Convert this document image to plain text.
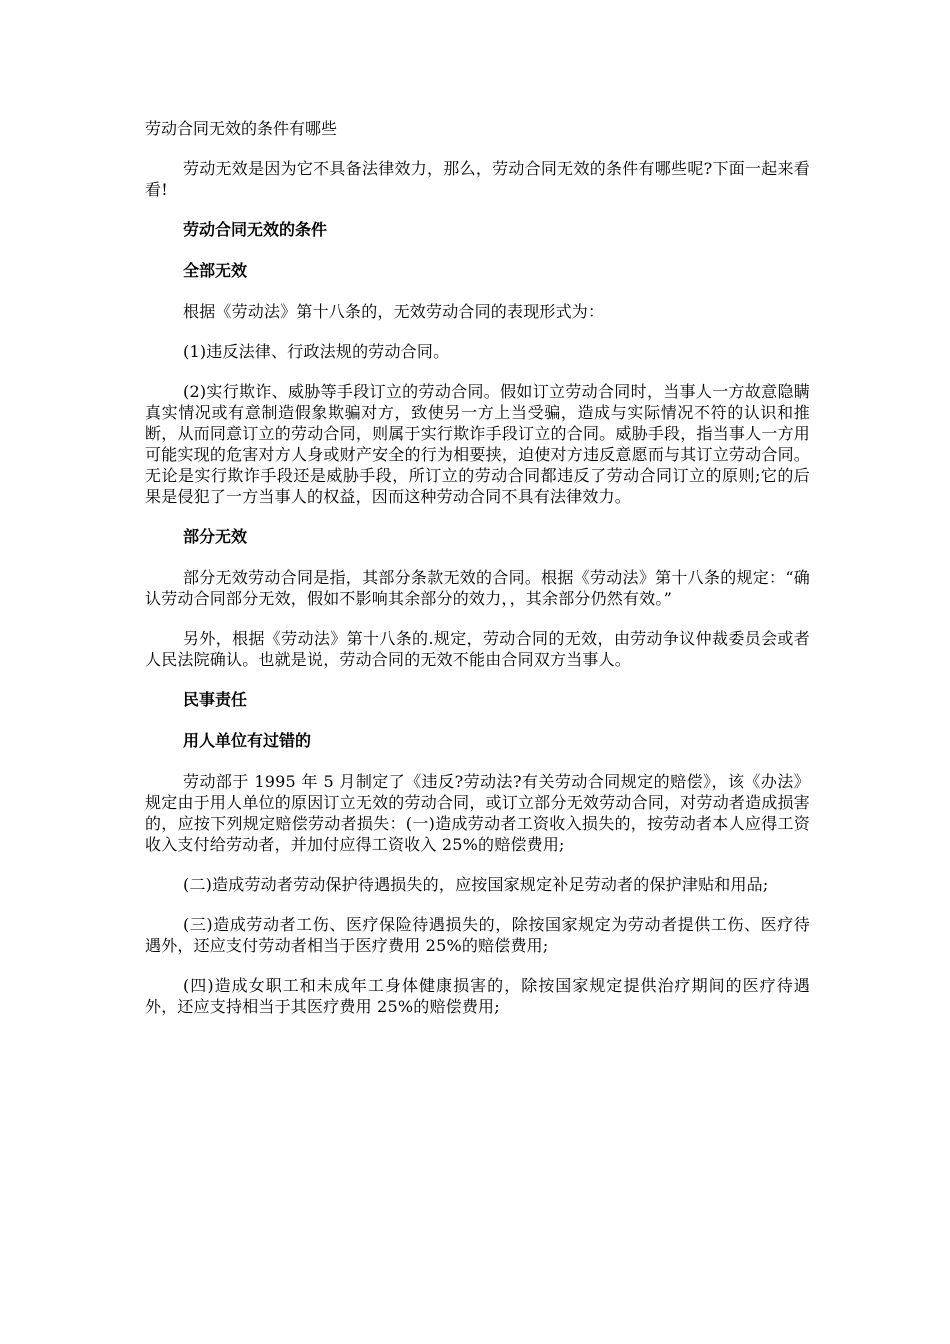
劳动合同无效的条件有哪些

劳动无效是因为它不具备法律效力，那么，劳动合同无效的条件有哪些呢?下面一起来看看!

劳动合同无效的条件

全部无效

根据《劳动法》第十八条的，无效劳动合同的表现形式为：

(1)违反法律、行政法规的劳动合同。

(2)实行欺诈、威胁等手段订立的劳动合同。假如订立劳动合同时，当事人一方故意隐瞒真实情况或有意制造假象欺骗对方，致使另一方上当受骗，造成与实际情况不符的认识和推断，从而同意订立的劳动合同，则属于实行欺诈手段订立的合同。威胁手段，指当事人一方用可能实现的危害对方人身或财产安全的行为相要挟，迫使对方违反意愿而与其订立劳动合同。无论是实行欺诈手段还是威胁手段，所订立的劳动合同都违反了劳动合同订立的原则;它的后果是侵犯了一方当事人的权益，因而这种劳动合同不具有法律效力。

部分无效

部分无效劳动合同是指，其部分条款无效的合同。根据《劳动法》第十八条的规定：“确认劳动合同部分无效，假如不影响其余部分的效力，，其余部分仍然有效。”

另外，根据《劳动法》第十八条的.规定，劳动合同的无效，由劳动争议仲裁委员会或者人民法院确认。也就是说，劳动合同的无效不能由合同双方当事人。

民事责任

用人单位有过错的

劳动部于 1995 年 5 月制定了《违反?劳动法?有关劳动合同规定的赔偿》，该《办法》规定由于用人单位的原因订立无效的劳动合同，或订立部分无效劳动合同，对劳动者造成损害的，应按下列规定赔偿劳动者损失：(一)造成劳动者工资收入损失的，按劳动者本人应得工资收入支付给劳动者，并加付应得工资收入 25%的赔偿费用;

(二)造成劳动者劳动保护待遇损失的，应按国家规定补足劳动者的保护津贴和用品;

(三)造成劳动者工伤、医疗保险待遇损失的，除按国家规定为劳动者提供工伤、医疗待遇外，还应支付劳动者相当于医疗费用 25%的赔偿费用;

(四)造成女职工和未成年工身体健康损害的，除按国家规定提供治疗期间的医疗待遇外，还应支持相当于其医疗费用 25%的赔偿费用;
